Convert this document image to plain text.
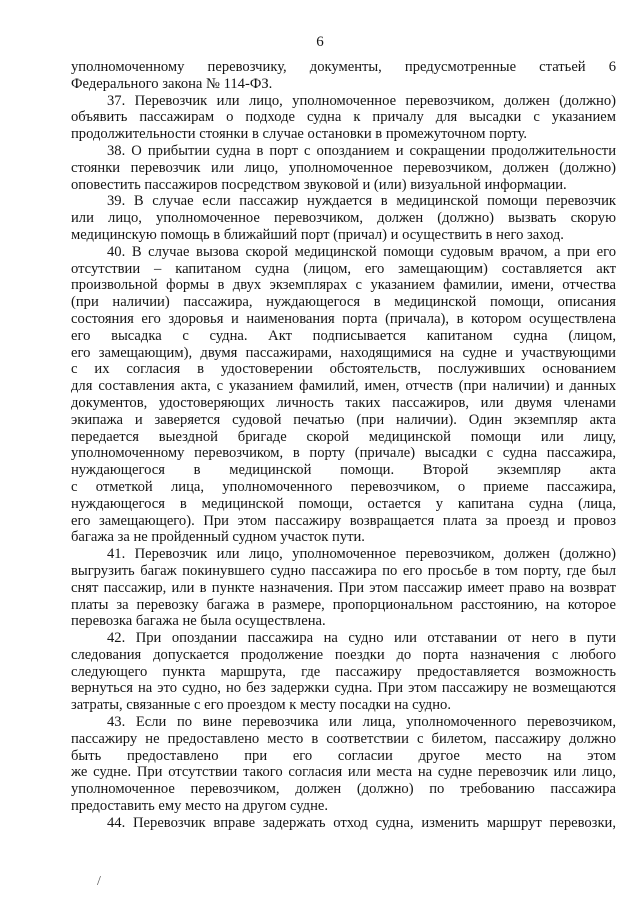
6
уполномоченному перевозчику, документы, предусмотренные статьей 6
Федерального закона № 114-ФЗ.
37. Перевозчик или лицо, уполномоченное перевозчиком, должен (должно)
объявить пассажирам о подходе судна к причалу для высадки с указанием
продолжительности стоянки в случае остановки в промежуточном порту.
38. О прибытии судна в порт с опозданием и сокращении продолжительности
стоянки перевозчик или лицо, уполномоченное перевозчиком, должен (должно)
оповестить пассажиров посредством звуковой и (или) визуальной информации.
39. В случае если пассажир нуждается в медицинской помощи перевозчик
или лицо, уполномоченное перевозчиком, должен (должно) вызвать скорую
медицинскую помощь в ближайший порт (причал) и осуществить в него заход.
40. В случае вызова скорой медицинской помощи судовым врачом, а при его
отсутствии – капитаном судна (лицом, его замещающим) составляется акт
произвольной формы в двух экземплярах с указанием фамилии, имени, отчества
(при наличии) пассажира, нуждающегося в медицинской помощи, описания
состояния его здоровья и наименования порта (причала), в котором осуществлена
его высадка с судна. Акт подписывается капитаном судна (лицом,
его замещающим), двумя пассажирами, находящимися на судне и участвующими
с их согласия в удостоверении обстоятельств, послуживших основанием
для составления акта, с указанием фамилий, имен, отчеств (при наличии) и данных
документов, удостоверяющих личность таких пассажиров, или двумя членами
экипажа и заверяется судовой печатью (при наличии). Один экземпляр акта
передается выездной бригаде скорой медицинской помощи или лицу,
уполномоченному перевозчиком, в порту (причале) высадки с судна пассажира,
нуждающегося в медицинской помощи. Второй экземпляр акта
с отметкой лица, уполномоченного перевозчиком, о приеме пассажира,
нуждающегося в медицинской помощи, остается у капитана судна (лица,
его замещающего). При этом пассажиру возвращается плата за проезд и провоз
багажа за не пройденный судном участок пути.
41. Перевозчик или лицо, уполномоченное перевозчиком, должен (должно)
выгрузить багаж покинувшего судно пассажира по его просьбе в том порту, где был
снят пассажир, или в пункте назначения. При этом пассажир имеет право на возврат
платы за перевозку багажа в размере, пропорциональном расстоянию, на которое
перевозка багажа не была осуществлена.
42. При опоздании пассажира на судно или отставании от него в пути
следования допускается продолжение поездки до порта назначения с любого
следующего пункта маршрута, где пассажиру предоставляется возможность
вернуться на это судно, но без задержки судна. При этом пассажиру не возмещаются
затраты, связанные с его проездом к месту посадки на судно.
43. Если по вине перевозчика или лица, уполномоченного перевозчиком,
пассажиру не предоставлено место в соответствии с билетом, пассажиру должно
быть предоставлено при его согласии другое место на этом
же судне. При отсутствии такого согласия или места на судне перевозчик или лицо,
уполномоченное перевозчиком, должен (должно) по требованию пассажира
предоставить ему место на другом судне.
44. Перевозчик вправе задержать отход судна, изменить маршрут перевозки,
/
